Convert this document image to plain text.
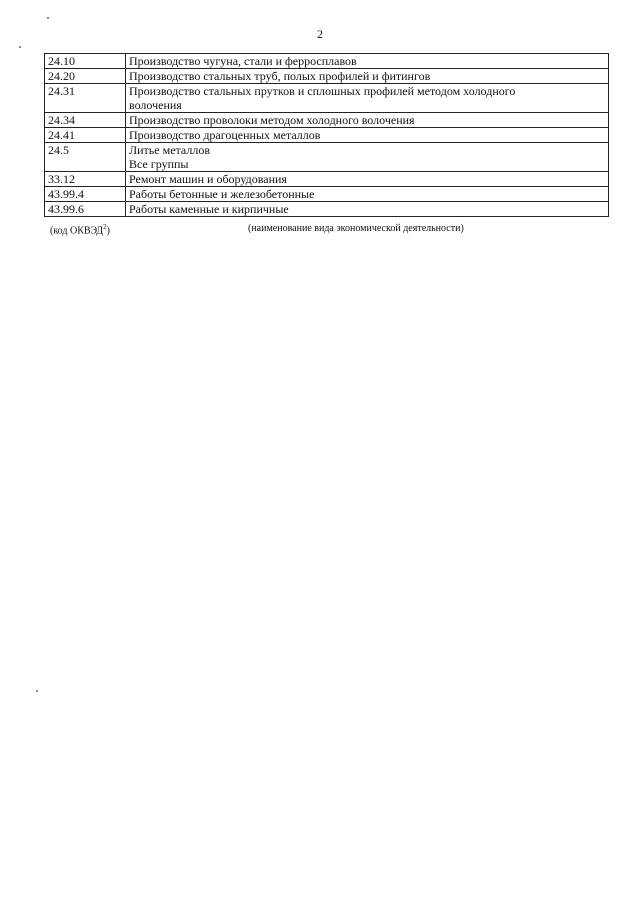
2
24.10	Производство чугуна, стали и ферросплавов

24.20	Производство стальных труб, полых профилей и фитингов

24.31	Производство стальных прутков и сплошных профилей методом холодного
волочения

24.34	Производство проволоки методом холодного волочения

24.41	Производство драгоценных металлов

24.5	Литье металлов
Все группы

33.12	Ремонт машин и оборудования

43.99.4	Работы бетонные и железобетонные

43.99.6	Работы каменные и кирпичные
(код ОКВЭД$^2$)	(наименование вида экономической деятельности)
